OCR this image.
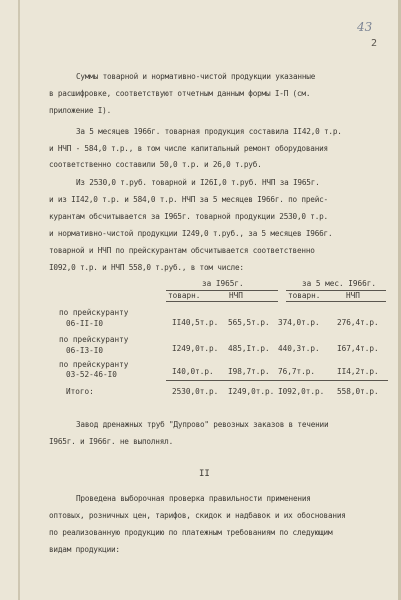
43
2
Суммы товарной и нормативно-чистой продукции указанные
в расшифровке, соответствуют отчетным данным формы I-П (см.
приложение I).
За 5 месяцев 1966г. товарная продукция составила II42,0 т.р.
и НЧП - 584,0 т.р., в том числе капитальный ремонт оборудования
соответственно составили 50,0 т.р. и 26,0 т.руб.
Из 2530,0 т.руб. товарной и I26I,0 т.руб. НЧП за I965г.
и из II42,0 т.р. и 584,0 т.р. НЧП за 5 месяцев I966г. по прейс-
курантам обсчитывается за I965г. товарной продукции 2530,0 т.р.
и нормативно-чистой продукции I249,0 т.руб., за 5 месяцев I966г.
товарной и НЧП по прейскурантам обсчитывается соответственно
I092,0 т.р. и НЧП 558,0 т.руб., в том числе:
за I965г.	за 5 мес. I966г.
товарн.	НЧП	товарн.	НЧП
по прейскуранту
06-II-I0	II40,5т.р. 565,5т.р. 374,0т.р. 276,4т.р.
по прейскуранту
06-I3-I0	I249,0т.р. 485,Iт.р. 440,3т.р. I67,4т.р.
по прейскуранту
03-52-46-I0	I40,0т.р. I98,7т.р. 76,7т.р.	II4,2т.р.
Итого:	2530,0т.р. I249,0т.р. I092,0т.р. 558,0т.р.
Завод дренажных труб "Дупрово" ревозных заказов в течении
I965г. и I966г. не выполнял.
II
Проведена выборочная проверка правильности применения
оптовых, розничных цен, тарифов, скидок и надбавок и их обоснования
по реализованную продукцию по платежным требованиям по следующим
видам продукции:
